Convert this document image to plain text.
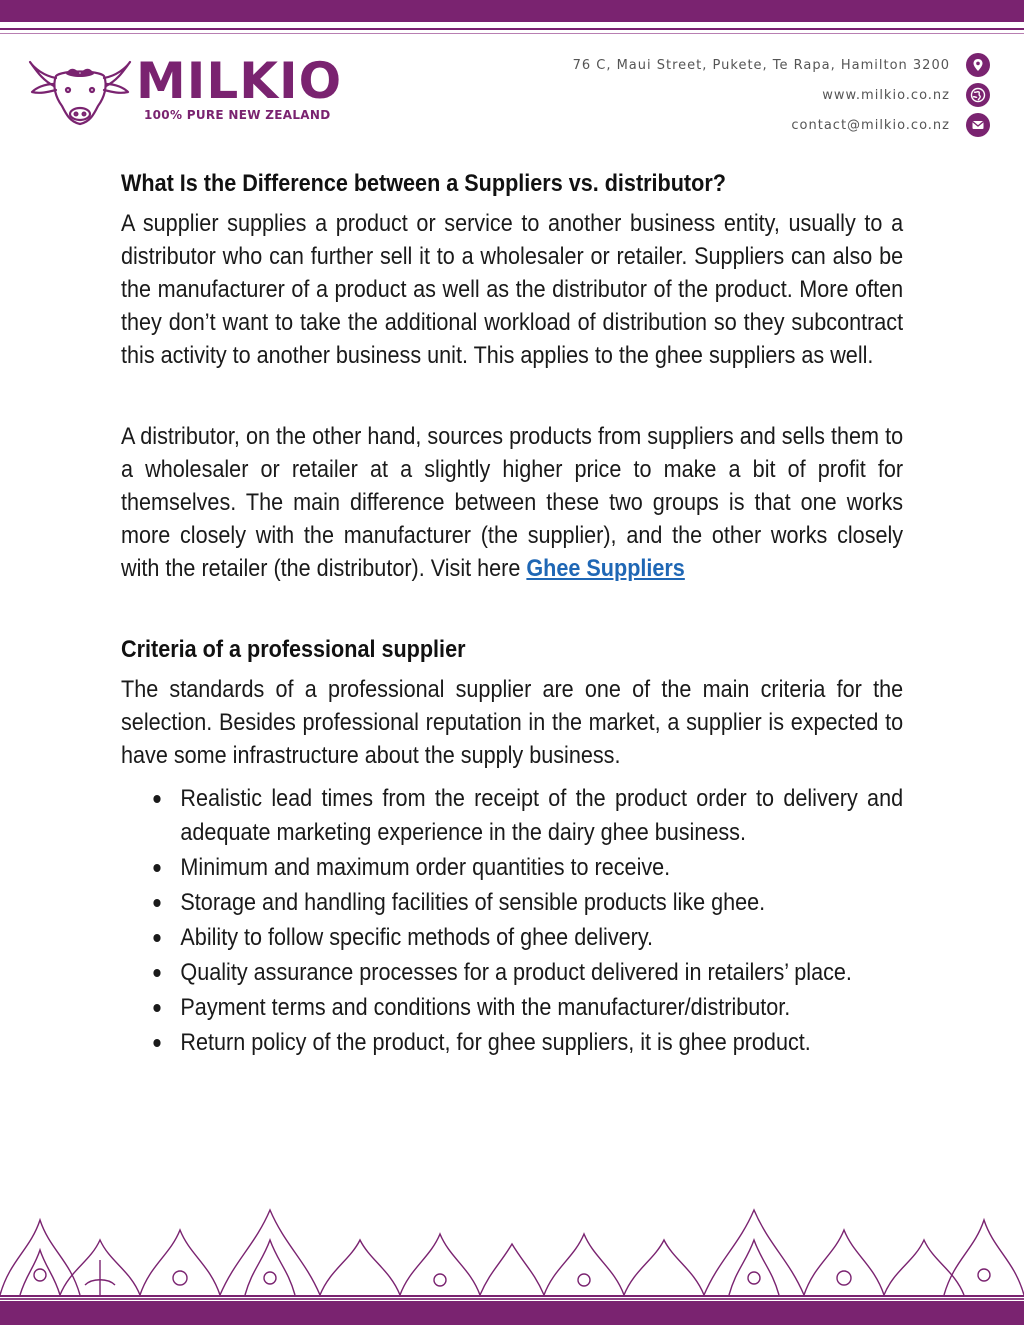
MILKIO
100% PURE NEW ZEALAND
76 C, Maui Street, Pukete, Te Rapa, Hamilton 3200
www.milkio.co.nz
contact@milkio.co.nz
What Is the Difference between a Suppliers vs. distributor?

A supplier supplies a product or service to another business entity, usually to a distributor who can further sell it to a wholesaler or retailer. Suppliers can also be the manufacturer of a product as well as the distributor of the product. More often they don’t want to take the additional workload of distribution so they subcontract this activity to another business unit. This applies to the ghee suppliers as well.

A distributor, on the other hand, sources products from suppliers and sells them to a wholesaler or retailer at a slightly higher price to make a bit of profit for themselves. The main difference between these two groups is that one works more closely with the manufacturer (the supplier), and the other works closely with the retailer (the distributor). Visit here Ghee Suppliers

Criteria of a professional supplier

The standards of a professional supplier are one of the main criteria for the selection. Besides professional reputation in the market, a supplier is expected to have some infrastructure about the supply business.

Realistic lead times from the receipt of the product order to delivery and adequate marketing experience in the dairy ghee business.
Minimum and maximum order quantities to receive.
Storage and handling facilities of sensible products like ghee.
Ability to follow specific methods of ghee delivery.
Quality assurance processes for a product delivered in retailers’ place.
Payment terms and conditions with the manufacturer/distributor.
Return policy of the product, for ghee suppliers, it is ghee product.
